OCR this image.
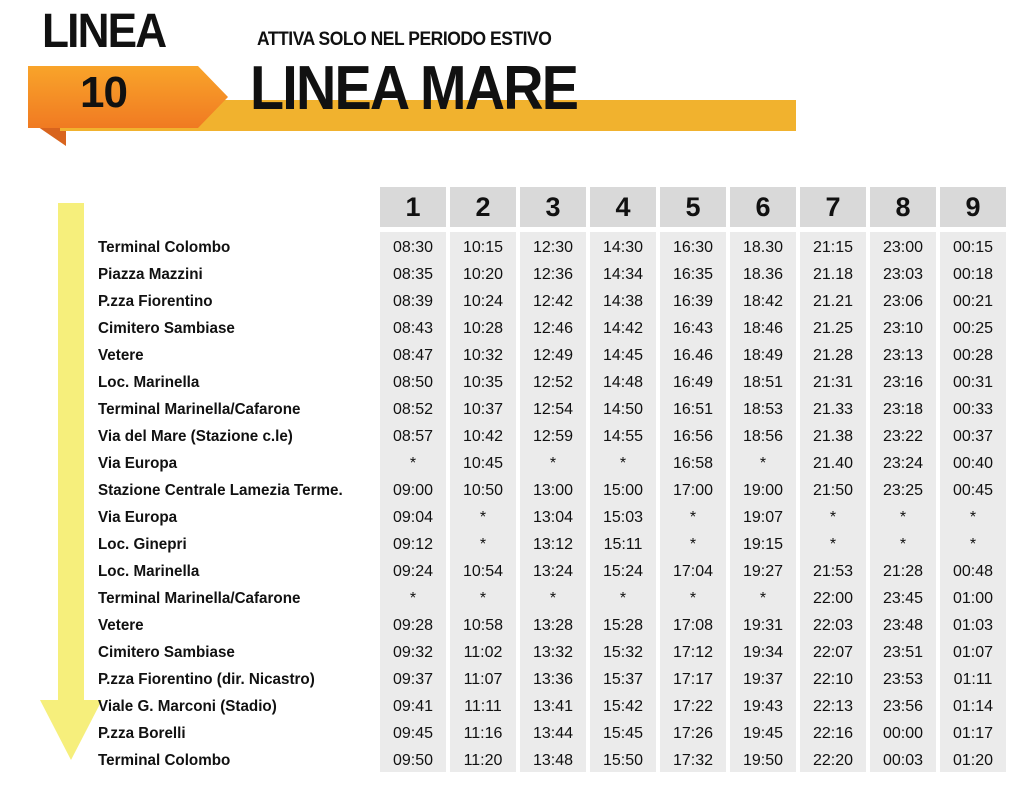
LINEA
10
ATTIVA SOLO NEL PERIODO ESTIVO
LINEA MARE
Terminal Colombo
Piazza Mazzini
P.zza Fiorentino
Cimitero Sambiase
Vetere
Loc. Marinella
Terminal Marinella/Cafarone
Via del Mare (Stazione c.le)
Via Europa
Stazione Centrale Lamezia Terme.
Via Europa
Loc. Ginepri
Loc. Marinella
Terminal Marinella/Cafarone
Vetere
Cimitero Sambiase
P.zza Fiorentino (dir. Nicastro)
Viale G. Marconi (Stadio)
P.zza Borelli
Terminal Colombo
1
08:30
08:35
08:39
08:43
08:47
08:50
08:52
08:57
*
09:00
09:04
09:12
09:24
*
09:28
09:32
09:37
09:41
09:45
09:50
2
10:15
10:20
10:24
10:28
10:32
10:35
10:37
10:42
10:45
10:50
*
*
10:54
*
10:58
11:02
11:07
11:11
11:16
11:20
3
12:30
12:36
12:42
12:46
12:49
12:52
12:54
12:59
*
13:00
13:04
13:12
13:24
*
13:28
13:32
13:36
13:41
13:44
13:48
4
14:30
14:34
14:38
14:42
14:45
14:48
14:50
14:55
*
15:00
15:03
15:11
15:24
*
15:28
15:32
15:37
15:42
15:45
15:50
5
16:30
16:35
16:39
16:43
16.46
16:49
16:51
16:56
16:58
17:00
*
*
17:04
*
17:08
17:12
17:17
17:22
17:26
17:32
6
18.30
18.36
18:42
18:46
18:49
18:51
18:53
18:56
*
19:00
19:07
19:15
19:27
*
19:31
19:34
19:37
19:43
19:45
19:50
7
21:15
21.18
21.21
21.25
21.28
21:31
21.33
21.38
21.40
21:50
*
*
21:53
22:00
22:03
22:07
22:10
22:13
22:16
22:20
8
23:00
23:03
23:06
23:10
23:13
23:16
23:18
23:22
23:24
23:25
*
*
21:28
23:45
23:48
23:51
23:53
23:56
00:00
00:03
9
00:15
00:18
00:21
00:25
00:28
00:31
00:33
00:37
00:40
00:45
*
*
00:48
01:00
01:03
01:07
01:11
01:14
01:17
01:20
